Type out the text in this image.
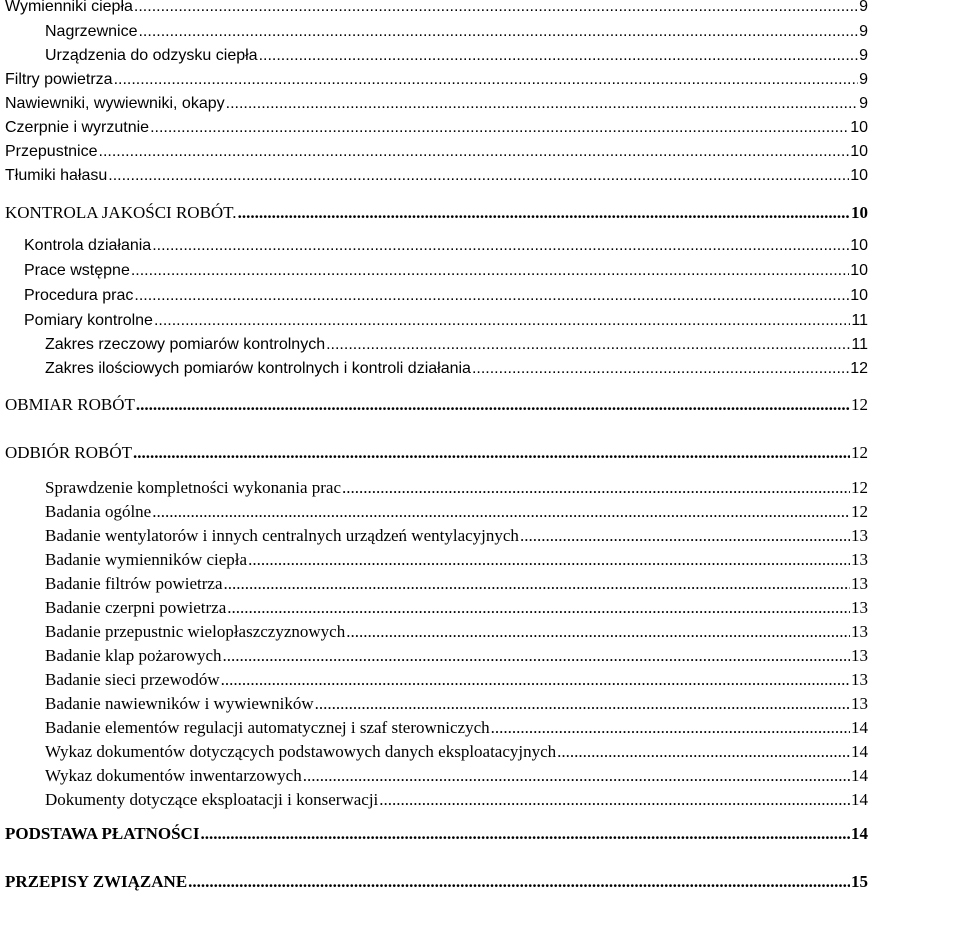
Wymienniki ciepła .....	9
Nagrzewnice .....	9
Urządzenia do odzysku ciepła .....	9
Filtry powietrza .....	9
Nawiewniki, wywiewniki, okapy .....	9
Czerpnie i wyrzutnie .....	10
Przepustnice .....	10
Tłumiki hałasu .....	10
KONTROLA JAKOŚCI ROBÓT. .....	10
Kontrola działania .....	10
Prace wstępne .....	10
Procedura prac .....	10
Pomiary kontrolne .....	11
Zakres rzeczowy pomiarów kontrolnych .....	11
Zakres ilościowych pomiarów kontrolnych i kontroli działania .....	12
OBMIAR ROBÓT .....	12
ODBIÓR ROBÓT .....	12
Sprawdzenie kompletności wykonania prac .....	12
Badania ogólne .....	12
Badanie wentylatorów i innych centralnych urządzeń wentylacyjnych .....	13
Badanie wymienników ciepła .....	13
Badanie filtrów powietrza .....	13
Badanie czerpni powietrza .....	13
Badanie przepustnic wielopłaszczyznowych .....	13
Badanie klap pożarowych .....	13
Badanie sieci przewodów .....	13
Badanie nawiewników i wywiewników .....	13
Badanie elementów regulacji automatycznej i szaf sterowniczych .....	14
Wykaz dokumentów dotyczących podstawowych danych eksploatacyjnych .....	14
Wykaz dokumentów inwentarzowych .....	14
Dokumenty dotyczące eksploatacji i konserwacji .....	14
PODSTAWA PŁATNOŚCI .....	14
PRZEPISY ZWIĄZANE .....	15
